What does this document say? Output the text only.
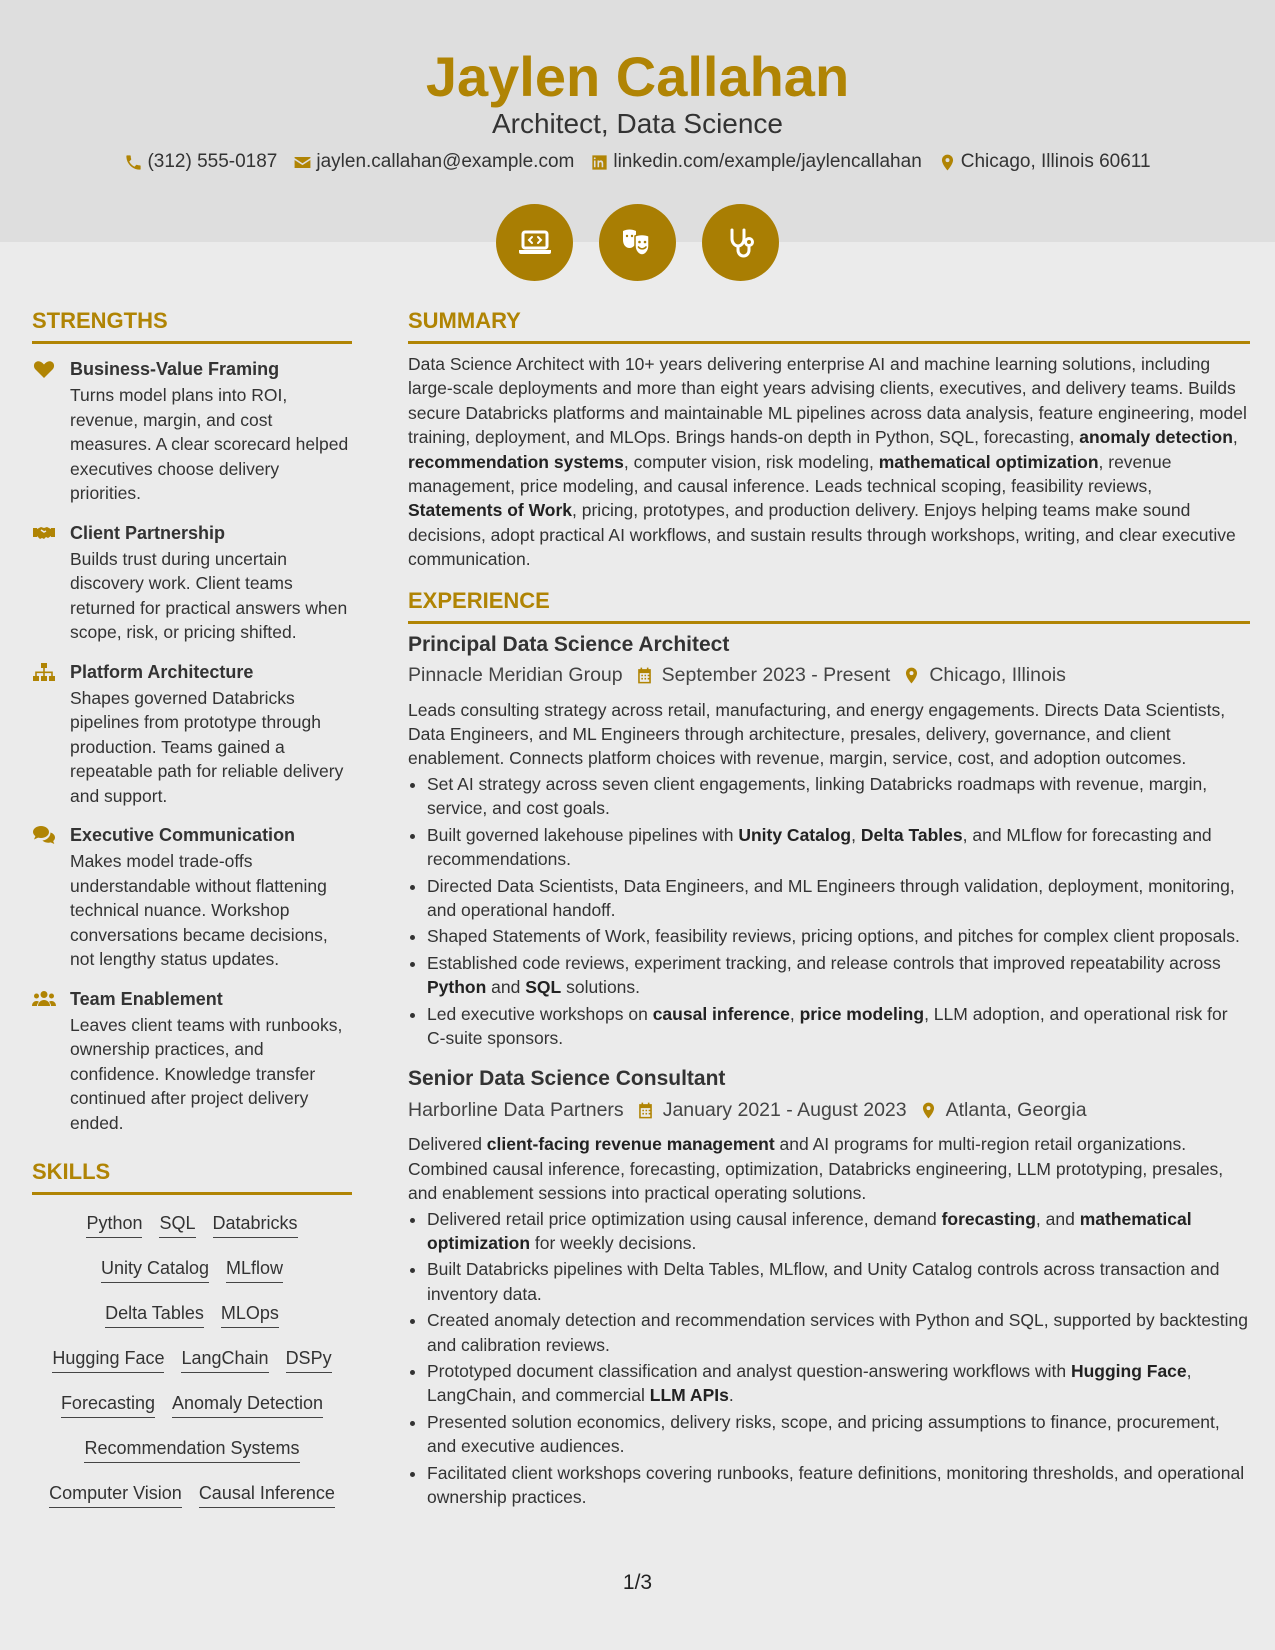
Jaylen Callahan
Architect, Data Science
(312) 555-0187 jaylen.callahan@example.com linkedin.com/example/jaylencallahan Chicago, Illinois 60611
STRENGTHS
Business-Value Framing
Turns model plans into ROI, revenue, margin, and cost measures. A clear scorecard helped executives choose delivery priorities.
Client Partnership
Builds trust during uncertain discovery work. Client teams returned for practical answers when scope, risk, or pricing shifted.
Platform Architecture
Shapes governed Databricks pipelines from prototype through production. Teams gained a repeatable path for reliable delivery and support.
Executive Communication
Makes model trade-offs understandable without flattening technical nuance. Workshop conversations became decisions, not lengthy status updates.
Team Enablement
Leaves client teams with runbooks, ownership practices, and confidence. Knowledge transfer continued after project delivery ended.
SKILLS
Python SQL Databricks
Unity Catalog MLflow
Delta Tables MLOps
Hugging Face LangChain DSPy
Forecasting Anomaly Detection
Recommendation Systems
Computer Vision Causal Inference
SUMMARY
Data Science Architect with 10+ years delivering enterprise AI and machine learning solutions, including large-scale deployments and more than eight years advising clients, executives, and delivery teams. Builds secure Databricks platforms and maintainable ML pipelines across data analysis, feature engineering, model training, deployment, and MLOps. Brings hands-on depth in Python, SQL, forecasting, anomaly detection, recommendation systems, computer vision, risk modeling, mathematical optimization, revenue management, price modeling, and causal inference. Leads technical scoping, feasibility reviews, Statements of Work, pricing, prototypes, and production delivery. Enjoys helping teams make sound decisions, adopt practical AI workflows, and sustain results through workshops, writing, and clear executive communication.
EXPERIENCE
Principal Data Science Architect
Pinnacle Meridian Group September 2023 - Present Chicago, Illinois
Leads consulting strategy across retail, manufacturing, and energy engagements. Directs Data Scientists, Data Engineers, and ML Engineers through architecture, presales, delivery, governance, and client enablement. Connects platform choices with revenue, margin, service, cost, and adoption outcomes.
• Set AI strategy across seven client engagements, linking Databricks roadmaps with revenue, margin, service, and cost goals.
• Built governed lakehouse pipelines with Unity Catalog, Delta Tables, and MLflow for forecasting and recommendations.
• Directed Data Scientists, Data Engineers, and ML Engineers through validation, deployment, monitoring, and operational handoff.
• Shaped Statements of Work, feasibility reviews, pricing options, and pitches for complex client proposals.
• Established code reviews, experiment tracking, and release controls that improved repeatability across Python and SQL solutions.
• Led executive workshops on causal inference, price modeling, LLM adoption, and operational risk for C-suite sponsors.
Senior Data Science Consultant
Harborline Data Partners January 2021 - August 2023 Atlanta, Georgia
Delivered client-facing revenue management and AI programs for multi-region retail organizations. Combined causal inference, forecasting, optimization, Databricks engineering, LLM prototyping, presales, and enablement sessions into practical operating solutions.
• Delivered retail price optimization using causal inference, demand forecasting, and mathematical optimization for weekly decisions.
• Built Databricks pipelines with Delta Tables, MLflow, and Unity Catalog controls across transaction and inventory data.
• Created anomaly detection and recommendation services with Python and SQL, supported by backtesting and calibration reviews.
• Prototyped document classification and analyst question-answering workflows with Hugging Face, LangChain, and commercial LLM APIs.
• Presented solution economics, delivery risks, scope, and pricing assumptions to finance, procurement, and executive audiences.
• Facilitated client workshops covering runbooks, feature definitions, monitoring thresholds, and operational ownership practices.
1/3
